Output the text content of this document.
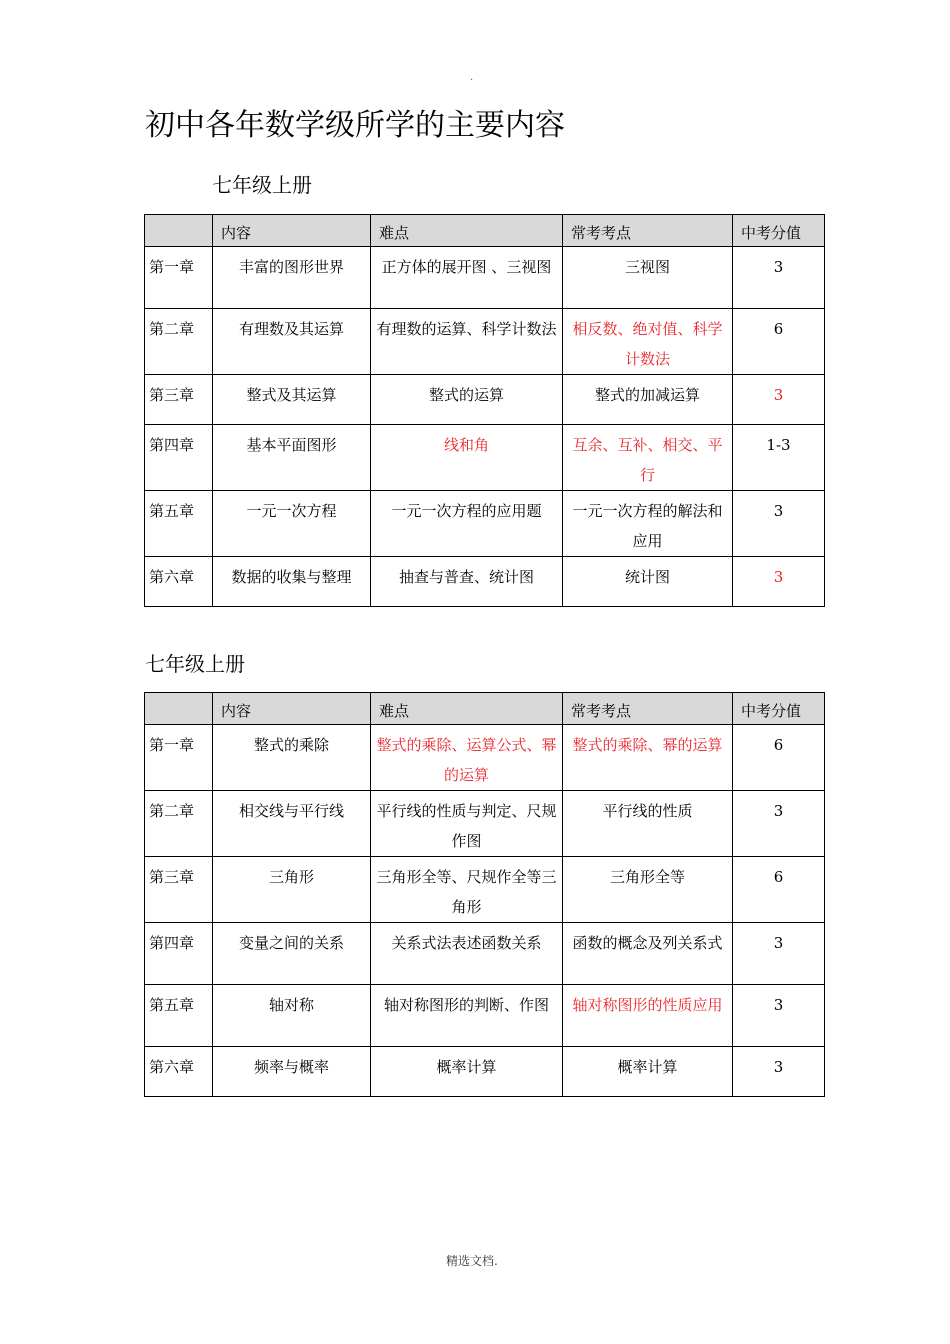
.
初中各年数学级所学的主要内容
七年级上册
	内容	难点	常考考点	中考分值
第一章	丰富的图形世界	正方体的展开图 、三视图	三视图	3
第二章	有理数及其运算	有理数的运算、科学计数法	相反数、绝对值、科学计数法	6
第三章	整式及其运算	整式的运算	整式的加减运算	3
第四章	基本平面图形	线和角	互余、互补、相交、平行	1-3
第五章	一元一次方程	一元一次方程的应用题	一元一次方程的解法和应用	3
第六章	数据的收集与整理	抽查与普查、统计图	统计图	3
七年级上册
	内容	难点	常考考点	中考分值
第一章	整式的乘除	整式的乘除、运算公式、幂的运算	整式的乘除、幂的运算	6
第二章	相交线与平行线	平行线的性质与判定、尺规作图	平行线的性质	3
第三章	三角形	三角形全等、尺规作全等三角形	三角形全等	6
第四章	变量之间的关系	关系式法表述函数关系	函数的概念及列关系式	3
第五章	轴对称	轴对称图形的判断、作图	轴对称图形的性质应用	3
第六章	频率与概率	概率计算	概率计算	3
精选文档.
